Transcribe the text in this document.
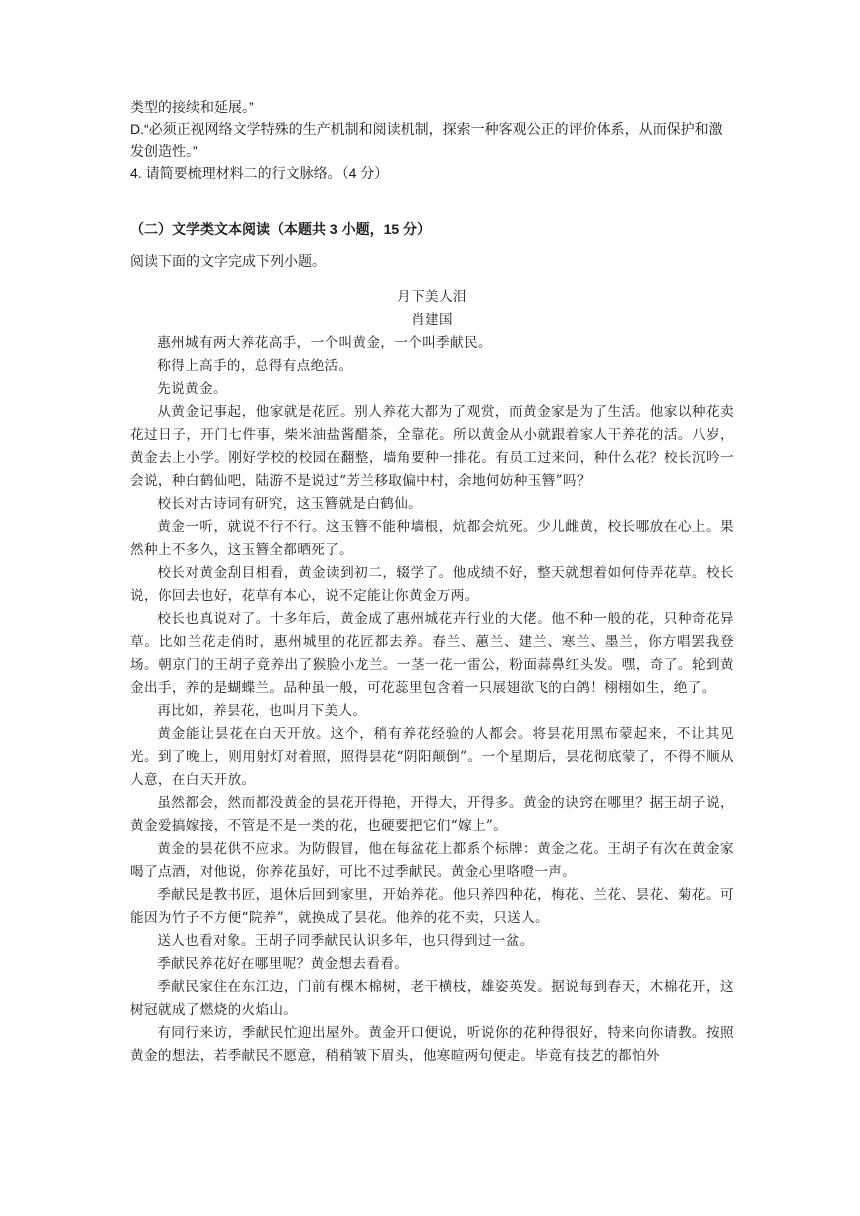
类型的接续和延展。”

D.“必须正视网络文学特殊的生产机制和阅读机制，探索一种客观公正的评价体系，从而保护和激发创造性。”

4. 请简要梳理材料二的行文脉络。（4 分）

（二）文学类文本阅读（本题共 3 小题，15 分）

阅读下面的文字完成下列小题。

月下美人泪

肖建国

惠州城有两大养花高手，一个叫黄金，一个叫季献民。

称得上高手的，总得有点绝活。

先说黄金。

从黄金记事起，他家就是花匠。别人养花大都为了观赏，而黄金家是为了生活。他家以种花卖花过日子，开门七件事，柴米油盐酱醋茶，全靠花。所以黄金从小就跟着家人干养花的活。八岁，黄金去上小学。刚好学校的校园在翻整，墙角要种一排花。有员工过来问，种什么花？校长沉吟一会说，种白鹤仙吧，陆游不是说过“芳兰移取偏中村，余地何妨种玉簪”吗？

校长对古诗词有研究，这玉簪就是白鹤仙。

黄金一听，就说不行不行。这玉簪不能种墙根，炕都会炕死。少儿雌黄，校长哪放在心上。果然种上不多久，这玉簪全都晒死了。

校长对黄金刮目相看，黄金读到初二，辍学了。他成绩不好，整天就想着如何侍弄花草。校长说，你回去也好，花草有本心，说不定能让你黄金万两。

校长也真说对了。十多年后，黄金成了惠州城花卉行业的大佬。他不种一般的花，只种奇花异草。比如兰花走俏时，惠州城里的花匠都去养。春兰、蕙兰、建兰、寒兰、墨兰，你方唱罢我登场。朝京门的王胡子竟养出了猴脸小龙兰。一茎一花一雷公，粉面蒜鼻红头发。嘿，奇了。轮到黄金出手，养的是蝴蝶兰。品种虽一般，可花蕊里包含着一只展翅欲飞的白鸽！栩栩如生，绝了。

再比如，养昙花，也叫月下美人。

黄金能让昙花在白天开放。这个，稍有养花经验的人都会。将昙花用黑布蒙起来，不让其见光。到了晚上，则用射灯对着照，照得昙花“阴阳颠倒”。一个星期后，昙花彻底蒙了，不得不顺从人意，在白天开放。

虽然都会，然而都没黄金的昙花开得艳，开得大，开得多。黄金的诀窍在哪里？据王胡子说，黄金爱搞嫁接，不管是不是一类的花，也硬要把它们“嫁上”。

黄金的昙花供不应求。为防假冒，他在每盆花上都系个标牌：黄金之花。王胡子有次在黄金家喝了点酒，对他说，你养花虽好，可比不过季献民。黄金心里咯噔一声。

季献民是教书匠，退休后回到家里，开始养花。他只养四种花，梅花、兰花、昙花、菊花。可能因为竹子不方便“院养”，就换成了昙花。他养的花不卖，只送人。

送人也看对象。王胡子同季献民认识多年，也只得到过一盆。

季献民养花好在哪里呢？黄金想去看看。

季献民家住在东江边，门前有棵木棉树，老干横枝，雄姿英发。据说每到春天，木棉花开，这树冠就成了燃烧的火焰山。

有同行来访，季献民忙迎出屋外。黄金开口便说，听说你的花种得很好，特来向你请教。按照黄金的想法，若季献民不愿意，稍稍皱下眉头，他寒暄两句便走。毕竟有技艺的都怕外
